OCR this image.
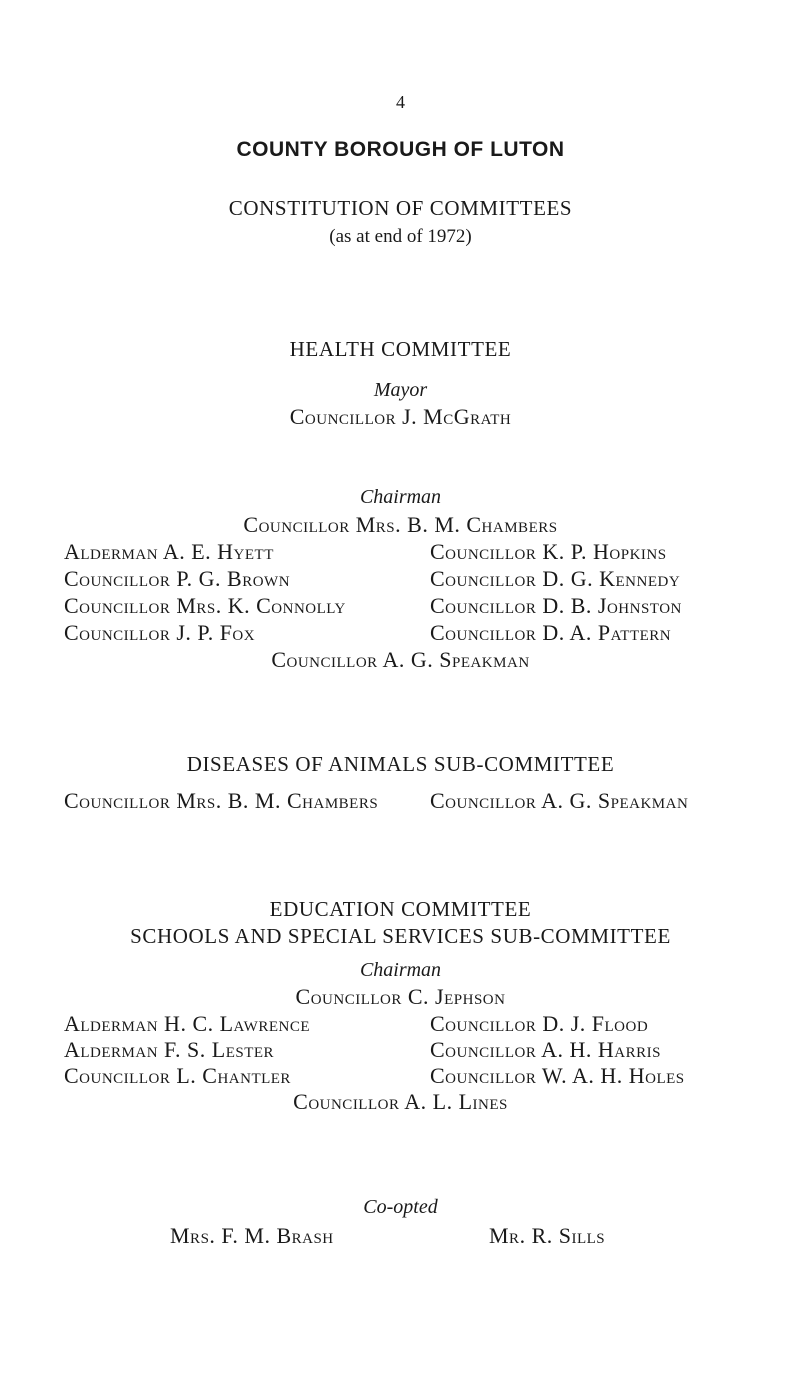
4
COUNTY BOROUGH OF LUTON
CONSTITUTION OF COMMITTEES
(as at end of 1972)
HEALTH COMMITTEE
Mayor
Councillor J. McGrath
Chairman
Councillor Mrs. B. M. Chambers
Alderman A. E. Hyett
Councillor P. G. Brown
Councillor Mrs. K. Connolly
Councillor J. P. Fox
Councillor K. P. Hopkins
Councillor D. G. Kennedy
Councillor D. B. Johnston
Councillor D. A. Pattern
Councillor A. G. Speakman
DISEASES OF ANIMALS SUB-COMMITTEE
Councillor Mrs. B. M. Chambers Councillor A. G. Speakman
EDUCATION COMMITTEE
SCHOOLS AND SPECIAL SERVICES SUB-COMMITTEE
Chairman
Councillor C. Jephson
Alderman H. C. Lawrence
Alderman F. S. Lester
Councillor L. Chantler
Councillor D. J. Flood
Councillor A. H. Harris
Councillor W. A. H. Holes
Councillor A. L. Lines
Co-opted
Mrs. F. M. Brash	Mr. R. Sills
